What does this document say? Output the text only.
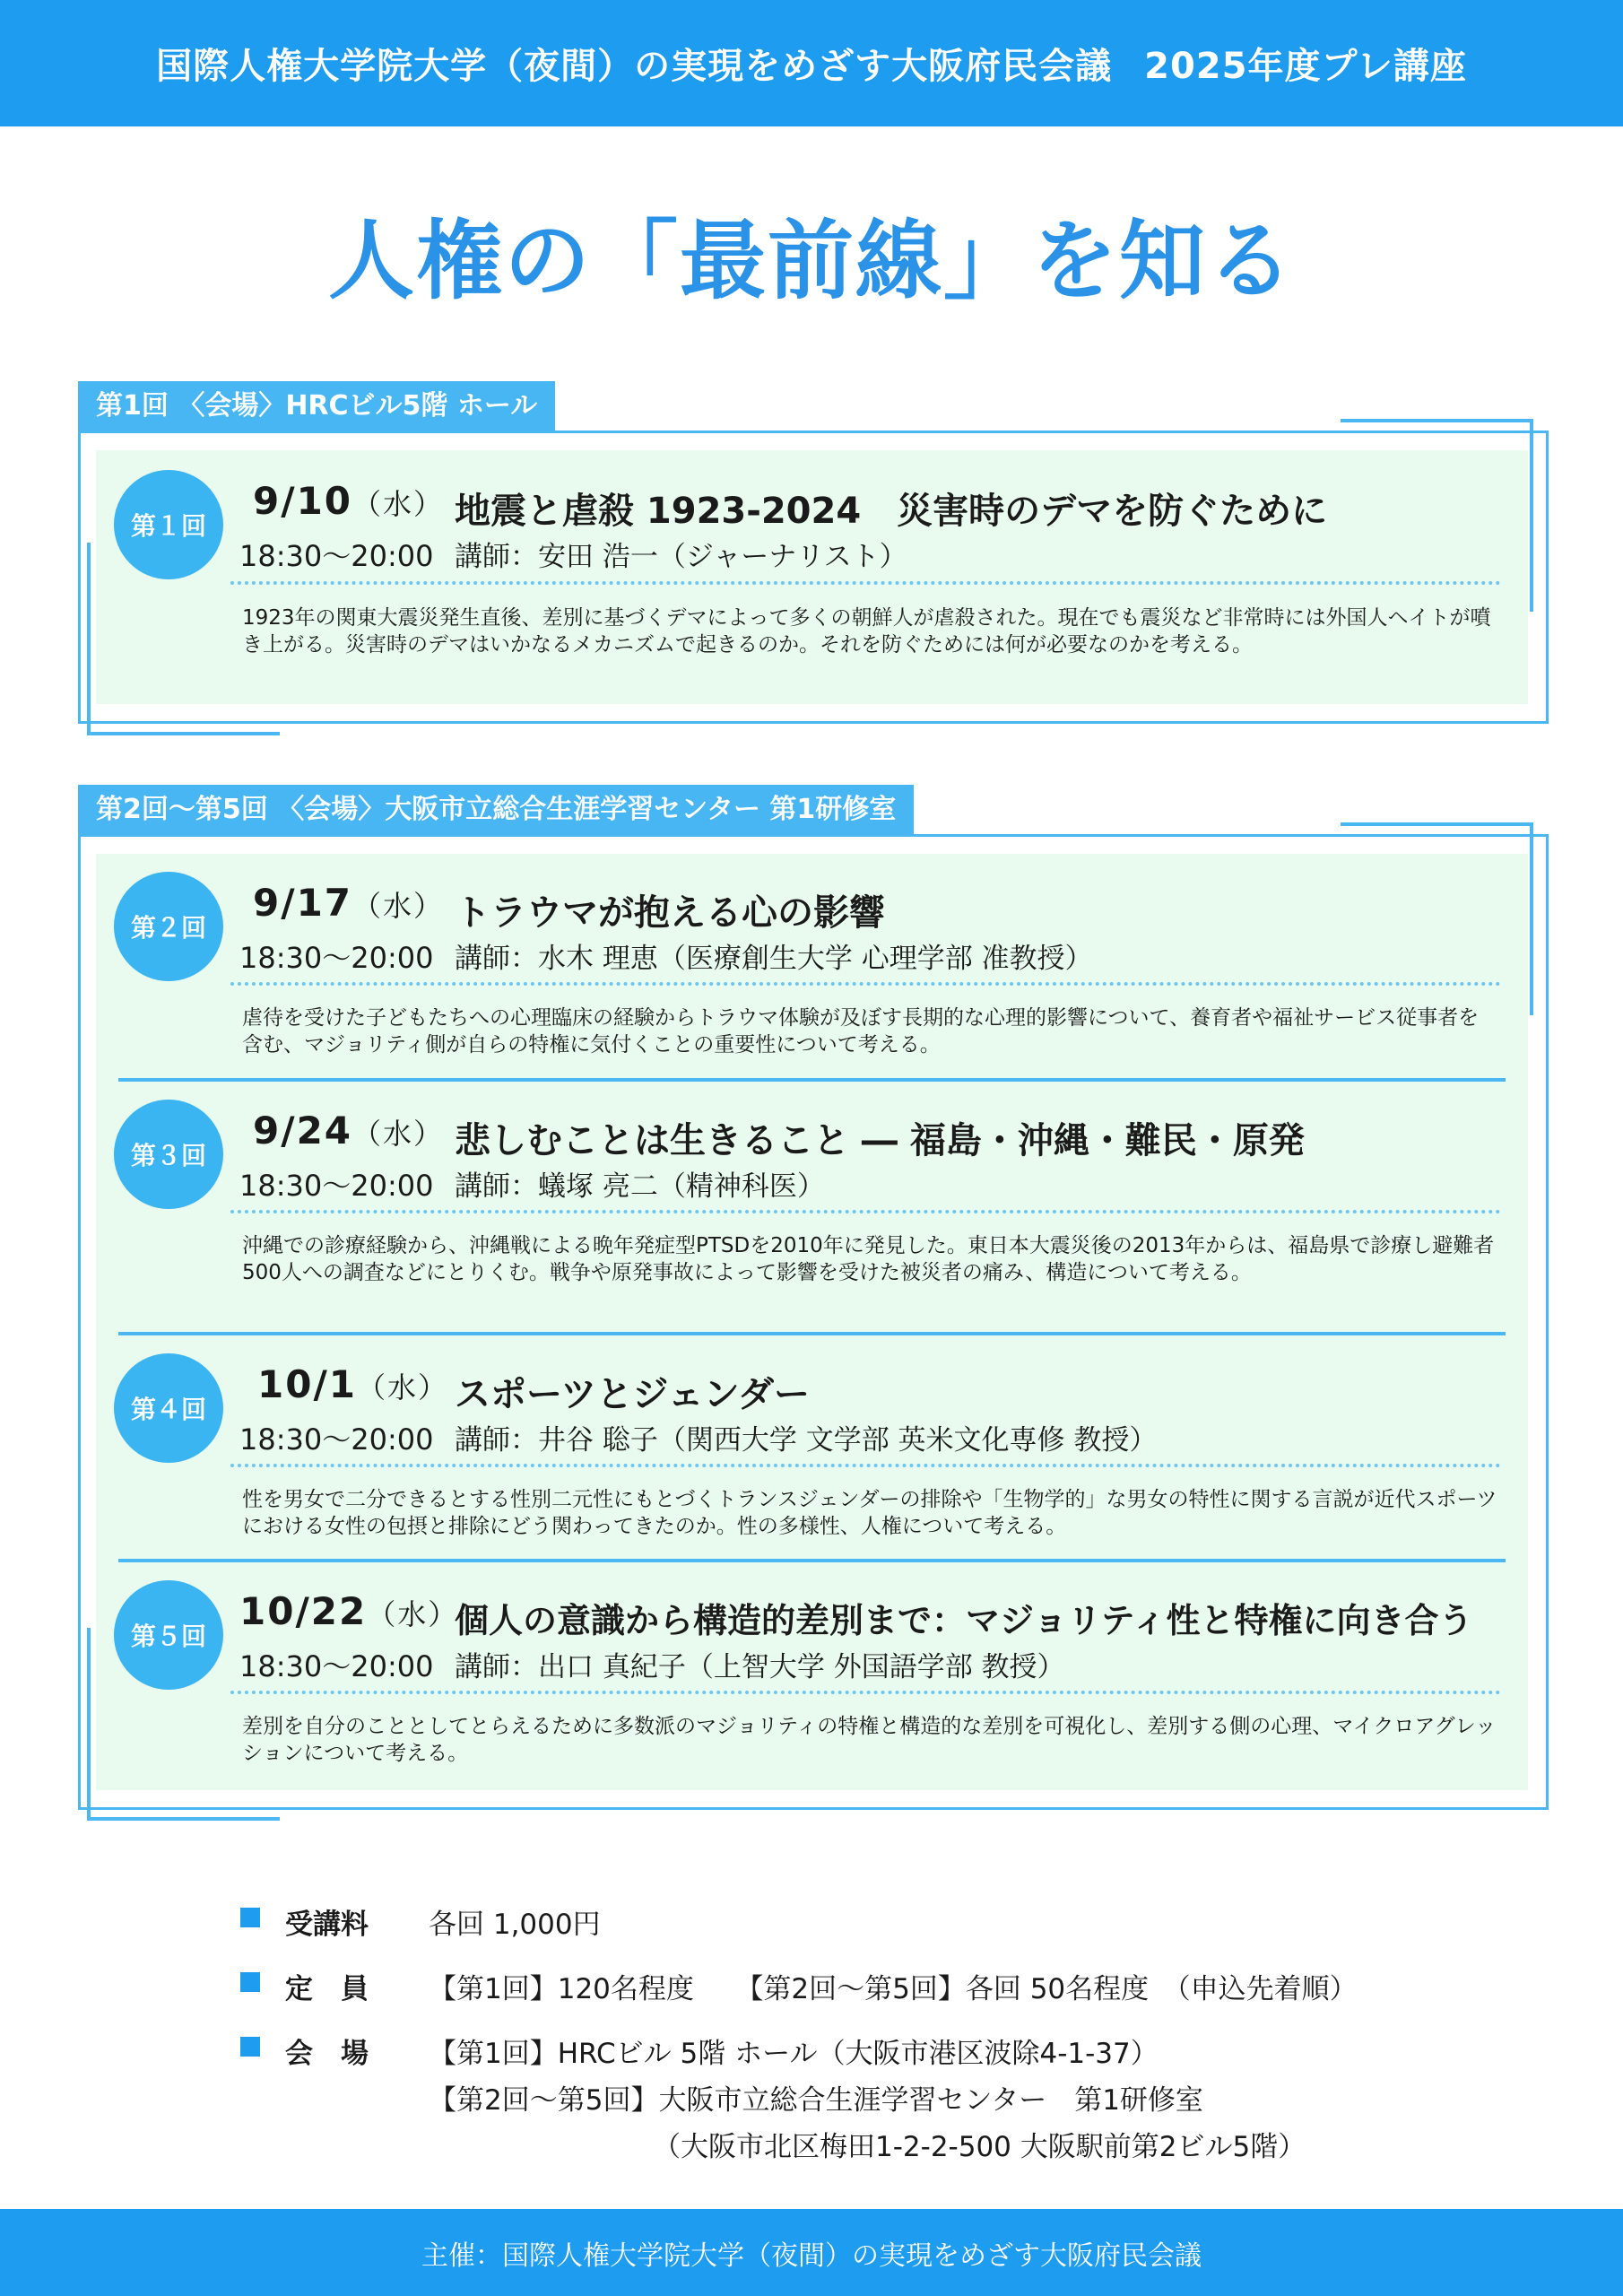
国際人権大学院大学（夜間）の実現をめざす大阪府民会議 2025年度プレ講座
人権の「最前線」を知る
第1回 〈会場〉HRCビル5階 ホール
第１回
9/10（水） 地震と虐殺 1923-2024　災害時のデマを防ぐために
18:30～20:00 講師：安田 浩一（ジャーナリスト）
1923年の関東大震災発生直後、差別に基づくデマによって多くの朝鮮人が虐殺された。現在でも震災など非常時には外国人ヘイトが噴き上がる。災害時のデマはいかなるメカニズムで起きるのか。それを防ぐためには何が必要なのかを考える。
第2回～第5回 〈会場〉大阪市立総合生涯学習センター 第1研修室
第２回
9/17（水） トラウマが抱える心の影響
18:30～20:00 講師：水木 理恵（医療創生大学 心理学部 准教授）
虐待を受けた子どもたちへの心理臨床の経験からトラウマ体験が及ぼす長期的な心理的影響について、養育者や福祉サービス従事者を含む、マジョリティ側が自らの特権に気付くことの重要性について考える。
第３回
9/24（水） 悲しむことは生きること ― 福島・沖縄・難民・原発
18:30～20:00 講師：蟻塚 亮二（精神科医）
沖縄での診療経験から、沖縄戦による晩年発症型PTSDを2010年に発見した。東日本大震災後の2013年からは、福島県で診療し避難者500人への調査などにとりくむ。戦争や原発事故によって影響を受けた被災者の痛み、構造について考える。
第４回
10/1（水） スポーツとジェンダー
18:30～20:00 講師：井谷 聡子（関西大学 文学部 英米文化専修 教授）
性を男女で二分できるとする性別二元性にもとづくトランスジェンダーの排除や「生物学的」な男女の特性に関する言説が近代スポーツにおける女性の包摂と排除にどう関わってきたのか。性の多様性、人権について考える。
第５回
10/22（水）
個人の意識から構造的差別まで：マジョリティ性と特権に向き合う
18:30～20:00 講師：出口 真紀子（上智大学 外国語学部 教授）
差別を自分のこととしてとらえるために多数派のマジョリティの特権と構造的な差別を可視化し、差別する側の心理、マイクロアグレッションについて考える。
受講料 各回 1,000円
定　員 【第1回】120名程度　　【第2回～第5回】各回 50名程度　（申込先着順）
会　場 【第1回】HRCビル 5階 ホール（大阪市港区波除4-1-37）
【第2回～第5回】大阪市立総合生涯学習センター　第1研修室
（大阪市北区梅田1-2-2-500 大阪駅前第2ビル5階）
主催：国際人権大学院大学（夜間）の実現をめざす大阪府民会議
